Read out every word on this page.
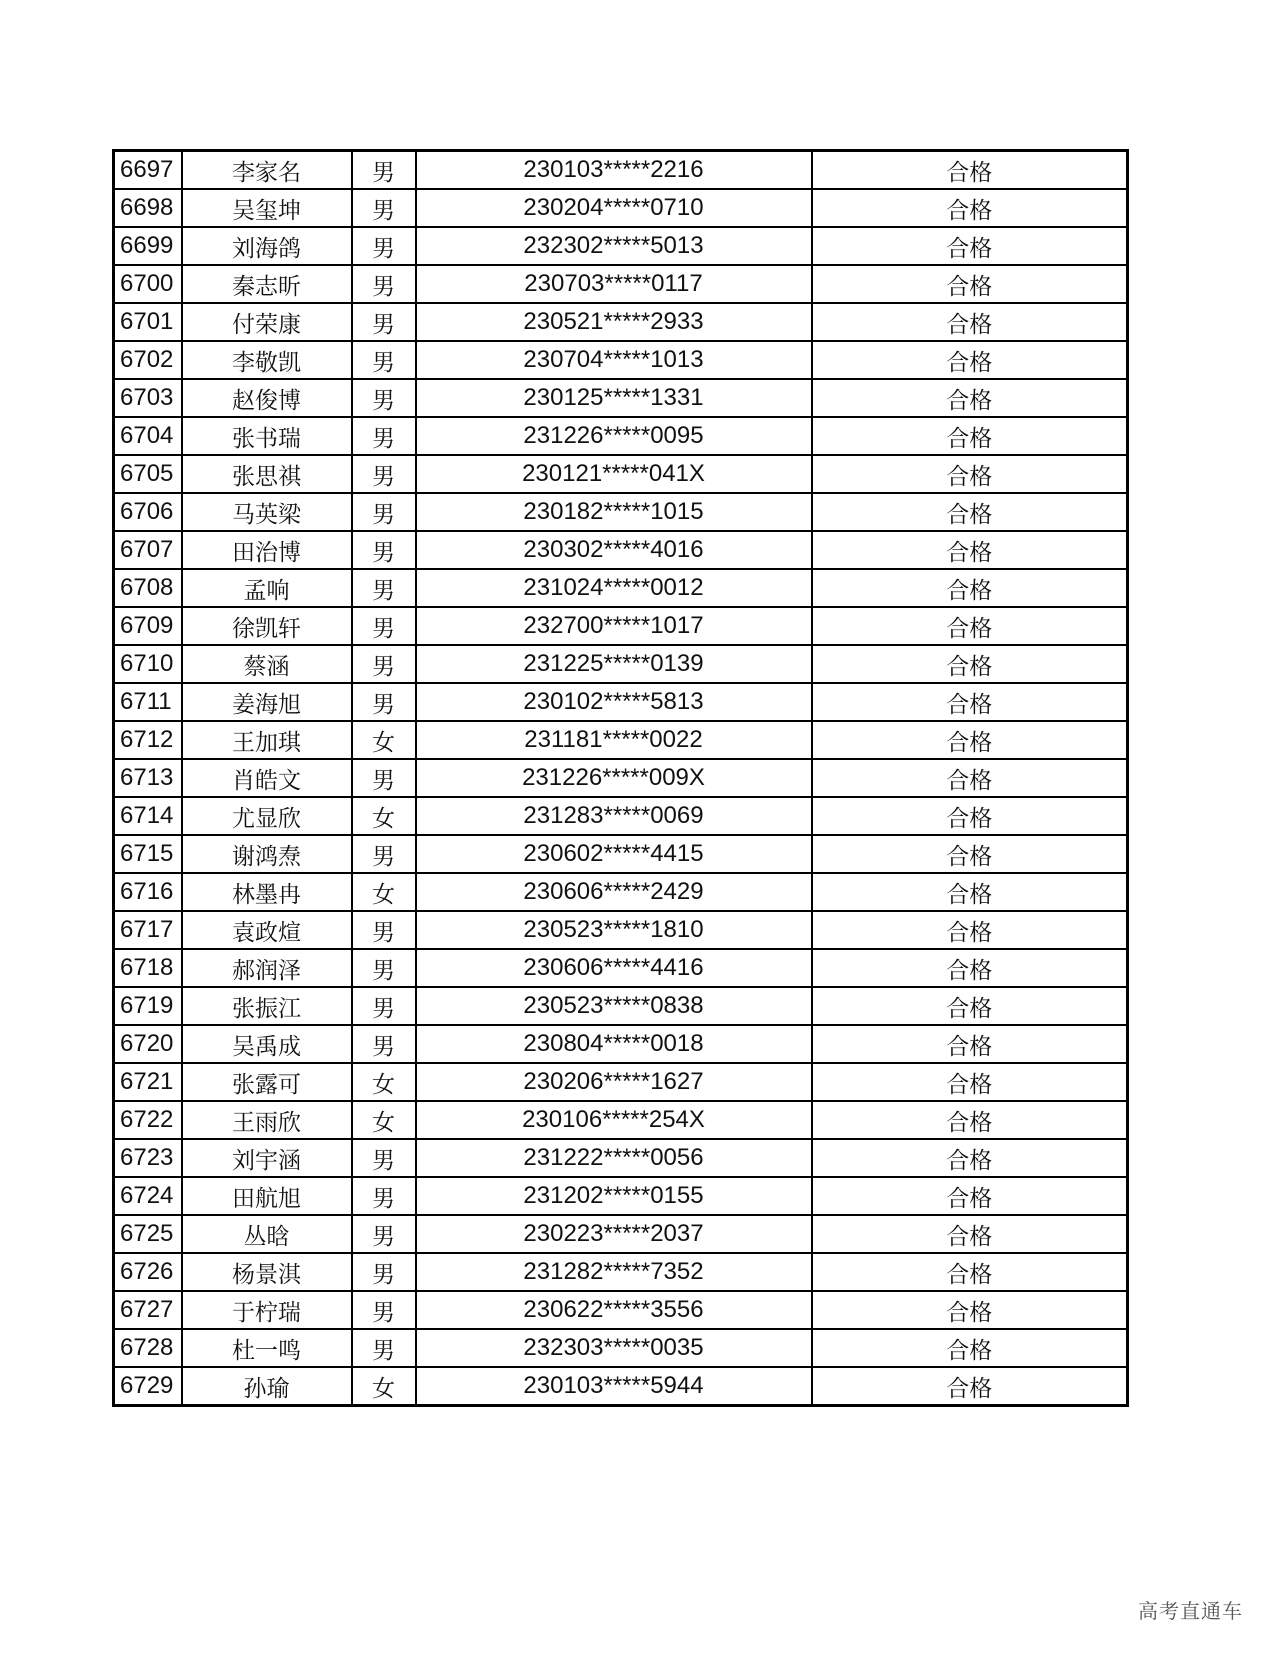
6697	李家名	男	230103*****2216	合格
6698	吴玺坤	男	230204*****0710	合格
6699	刘海鸽	男	232302*****5013	合格
6700	秦志昕	男	230703*****0117	合格
6701	付荣康	男	230521*****2933	合格
6702	李敬凯	男	230704*****1013	合格
6703	赵俊博	男	230125*****1331	合格
6704	张书瑞	男	231226*****0095	合格
6705	张思祺	男	230121*****041X	合格
6706	马英梁	男	230182*****1015	合格
6707	田治博	男	230302*****4016	合格
6708	孟响	男	231024*****0012	合格
6709	徐凯轩	男	232700*****1017	合格
6710	蔡涵	男	231225*****0139	合格
6711	姜海旭	男	230102*****5813	合格
6712	王加琪	女	231181*****0022	合格
6713	肖皓文	男	231226*****009X	合格
6714	尤显欣	女	231283*****0069	合格
6715	谢鸿焘	男	230602*****4415	合格
6716	林墨冉	女	230606*****2429	合格
6717	袁政煊	男	230523*****1810	合格
6718	郝润泽	男	230606*****4416	合格
6719	张振江	男	230523*****0838	合格
6720	吴禹成	男	230804*****0018	合格
6721	张露可	女	230206*****1627	合格
6722	王雨欣	女	230106*****254X	合格
6723	刘宇涵	男	231222*****0056	合格
6724	田航旭	男	231202*****0155	合格
6725	丛晗	男	230223*****2037	合格
6726	杨景淇	男	231282*****7352	合格
6727	于柠瑞	男	230622*****3556	合格
6728	杜一鸣	男	232303*****0035	合格
6729	孙瑜	女	230103*****5944	合格
高考直通车
